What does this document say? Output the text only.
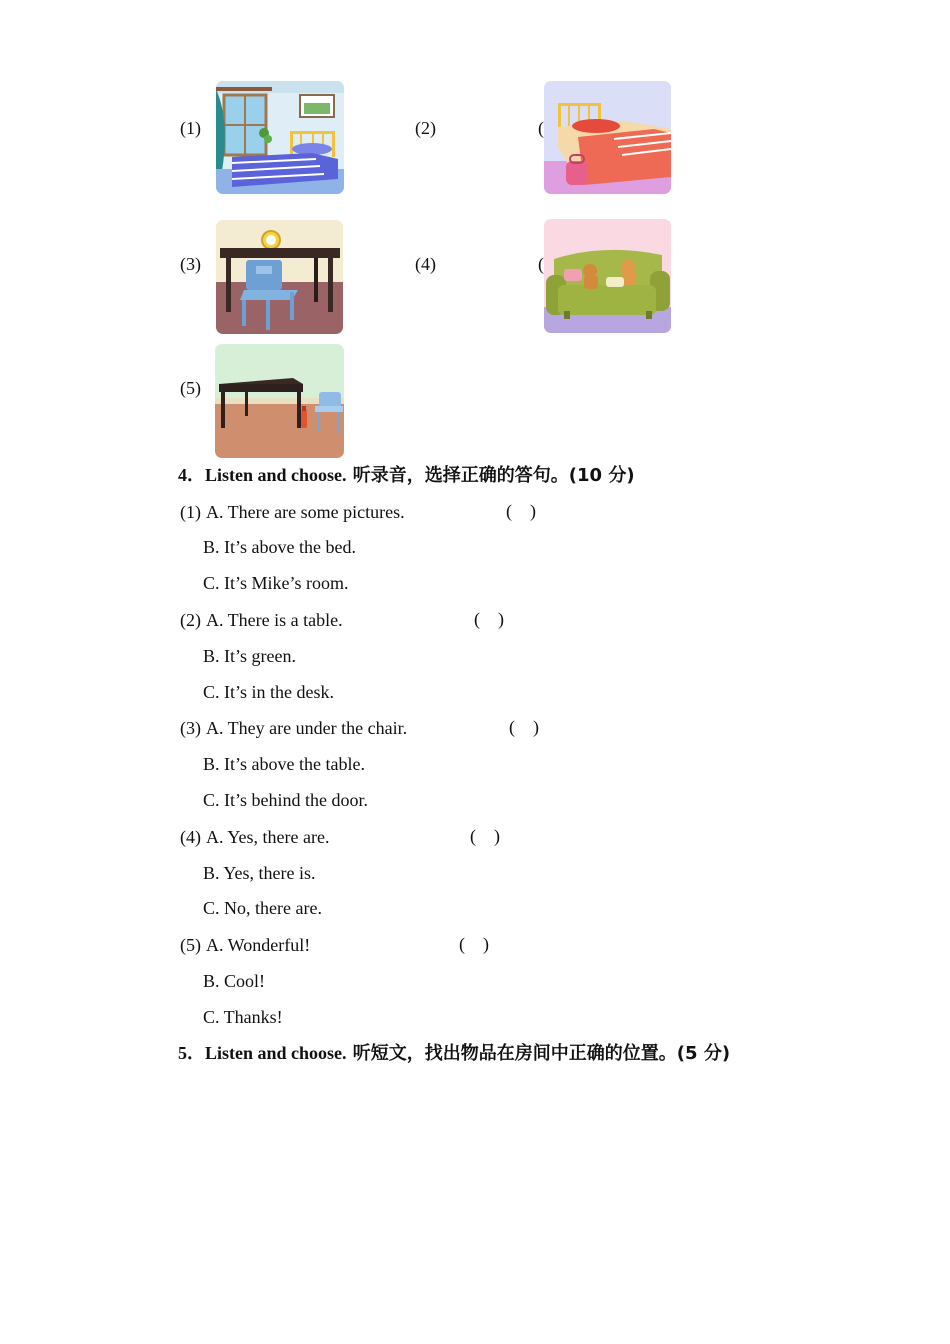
(1)	(2)
(3)	(4)
(5)
(
(
4．Listen and choose. 听录音，选择正确的答句。(10 分)
(1) A. There are some pictures.	(　)
B. It’s above the bed.
C. It’s Mike’s room.
(2) A. There is a table.	(　)
B. It’s green.
C. It’s in the desk.
(3) A. They are under the chair.	(　)
B. It’s above the table.
C. It’s behind the door.
(4) A. Yes, there are.	(　)
B. Yes, there is.
C. No, there are.
(5) A. Wonderful!	(　)
B. Cool!
C. Thanks!
5．Listen and choose. 听短文，找出物品在房间中正确的位置。(5 分)
